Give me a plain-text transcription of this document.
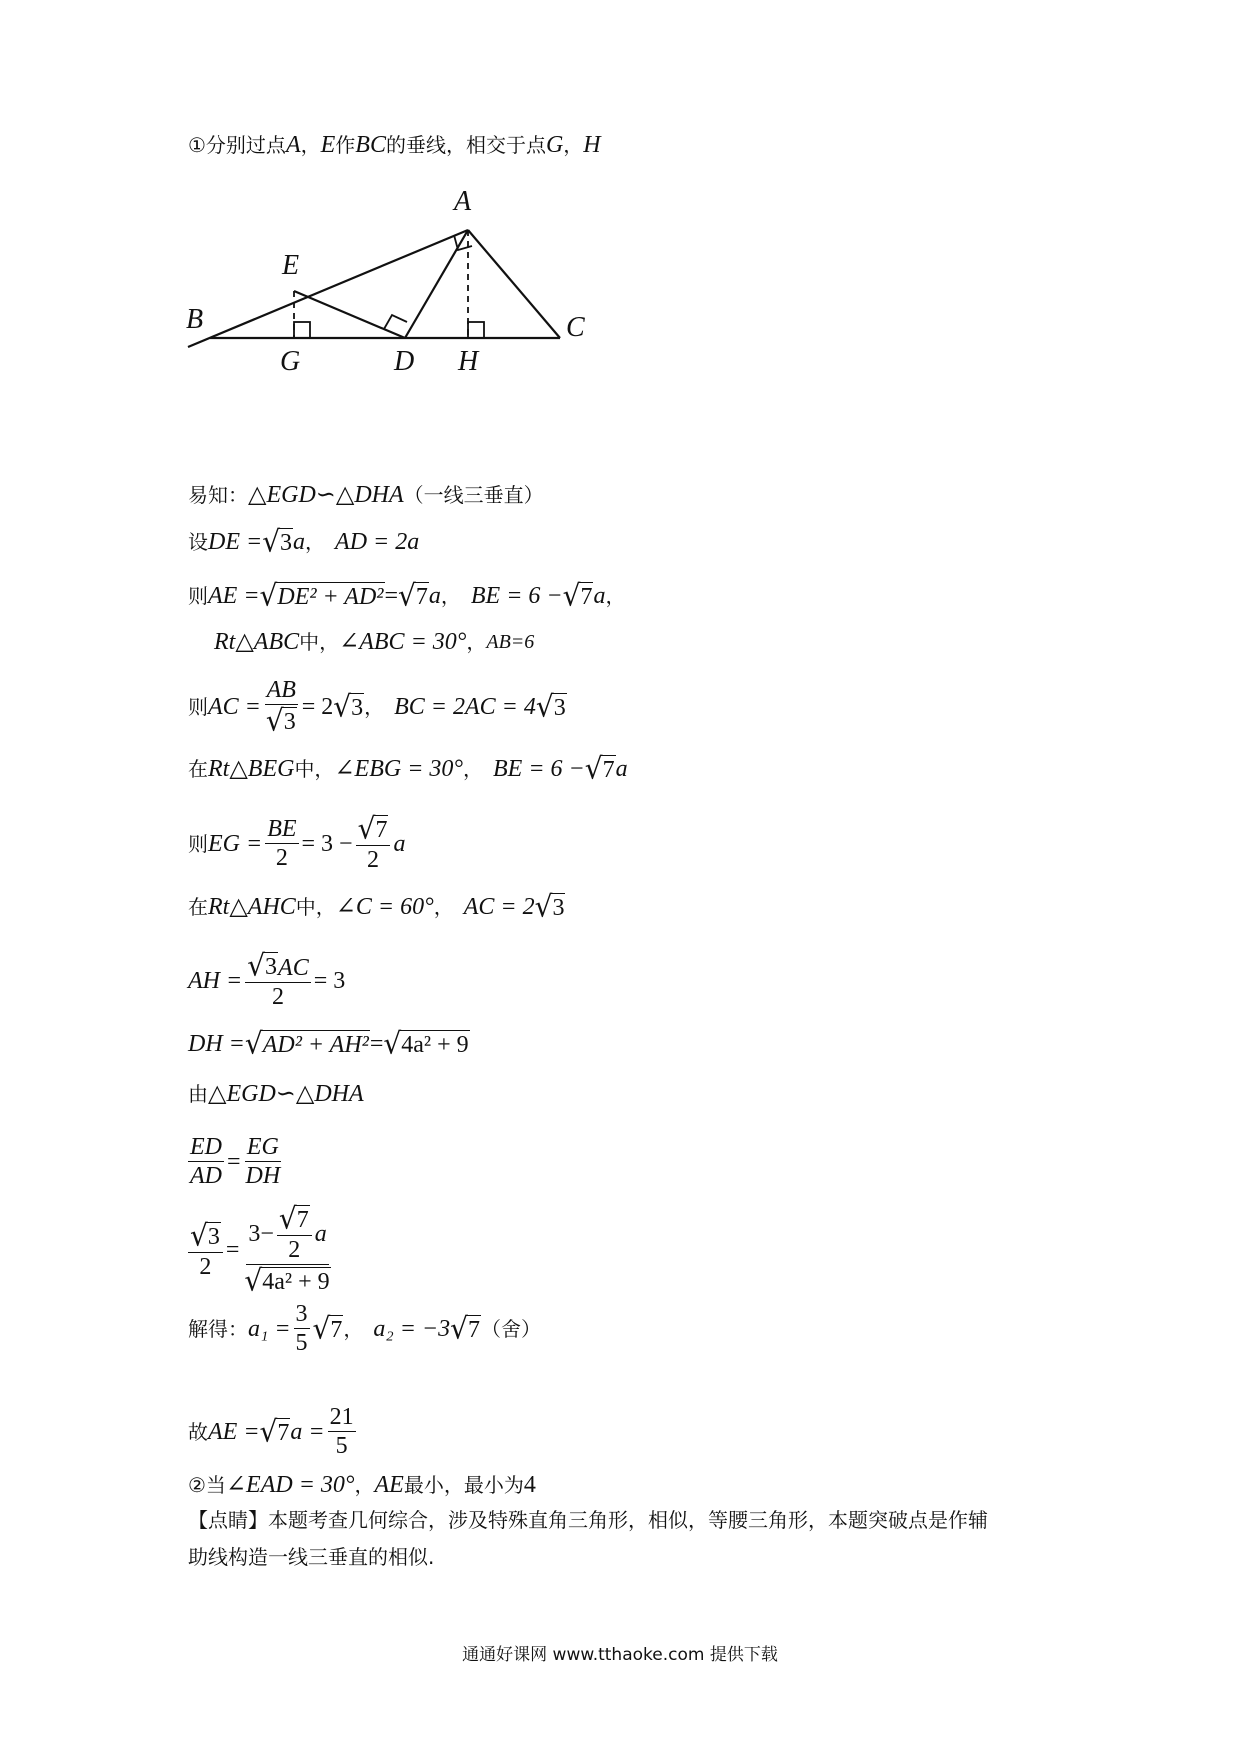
①分别过点 A ， E 作 BC 的垂线，相交于点 G ， H
A
B	C
D
E
G	H
易知： △EGD∽△DHA （一线三垂直）
设 DE = √ 3 a ， AD = 2a
则 AE = √ DE² + AD² = √ 7 a ， BE = 6 − √ 7 a ，
Rt△ABC 中， ∠ABC = 30° ， AB=6
则 AC = $\frac{AB}{√ 3} = 2$ √ 3 ， BC = 2AC = 4 √ 3
在 Rt△BEG 中， ∠EBG = 30° ， BE = 6 − √ 7 a
则 EG = $\frac{BE}{2} = 3 - \frac{√ 7}{2}$ a
在 Rt△AHC 中， ∠C = 60° ， AC = 2 √ 3
AH = $\frac{√ 3 AC}{2} = 3$
DH = √ AD² + AH² = √ 4a² + 9
由 △EGD∽△DHA
$\frac{ED}{AD} = \frac{EG}{DH}$
$\frac{√ 3}{2} = \frac{3- \frac{√ 7}{2} a}{\text{√ 4a² + 9}}$
解得： $a_1 = \frac{3}{5}$ √ 7 ， a₂ = −3 √ 7 （舍）
故 AE = √ 7 $a = \frac{21}{5}$
②当 ∠EAD = 30° ， AE 最小，最小为 4
【点睛】本题考查几何综合，涉及特殊直角三角形，相似，等腰三角形，本题突破点是作辅
助线构造一线三垂直的相似.
通通好课网 www.tthaoke.com 提供下载
